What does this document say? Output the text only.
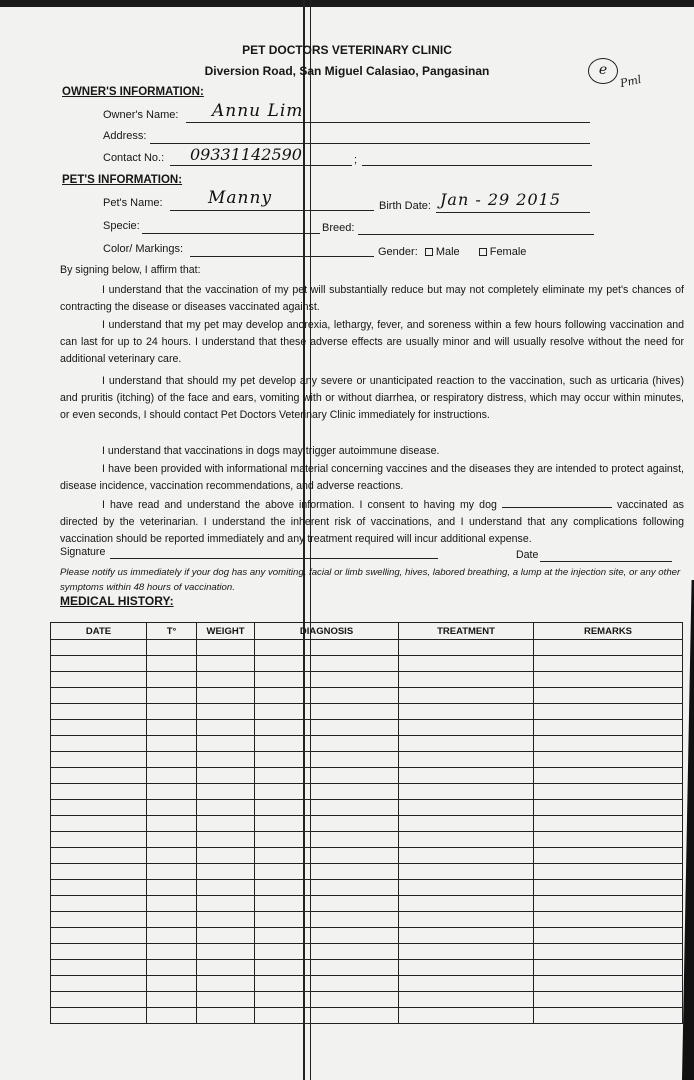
PET DOCTORS VETERINARY CLINIC
Diversion Road, San Miguel Calasiao, Pangasinan	e
Pml
OWNER'S INFORMATION:
Owner's Name: Annu Lim
Address:
Contact No.:	;
09331142590
PET'S INFORMATION:
Pet's Name:	Manny	Birth Date: Jan - 29 2015
Specie:	Breed:
Color/ Markings:	Gender: Male	Female
By signing below, I affirm that:
I understand that the vaccination of my pet will substantially reduce but may not completely eliminate my pet's chances of contracting the disease or diseases vaccinated against.
I understand that my pet may develop anorexia, lethargy, fever, and soreness within a few hours following vaccination and can last for up to 24 hours. I understand that these adverse effects are usually minor and will usually resolve without the need for additional veterinary care.
I understand that should my pet develop any severe or unanticipated reaction to the vaccination, such as urticaria (hives) and pruritis (itching) of the face and ears, vomiting with or without diarrhea, or respiratory distress, which may occur within minutes, or even seconds, I should contact Pet Doctors Veterinary Clinic immediately for instructions.
I understand that vaccinations in dogs may trigger autoimmune disease.
I have been provided with informational material concerning vaccines and the diseases they are intended to protect against, disease incidence, vaccination recommendations, and adverse reactions.
I have read and understand the above information. I consent to having my dog	vaccinated as directed by the veterinarian. I understand the inherent risk of vaccinations, and I understand that any complications following vaccination should be reported immediately and any treatment required will incur additional expense.
Signature	Date
Please notify us immediately if your dog has any vomiting, facial or limb swelling, hives, labored breathing, a lump at the injection site, or any other symptoms within 48 hours of vaccination.
MEDICAL HISTORY:
DATE	T°	WEIGHT	DIAGNOSIS	TREATMENT	REMARKS
